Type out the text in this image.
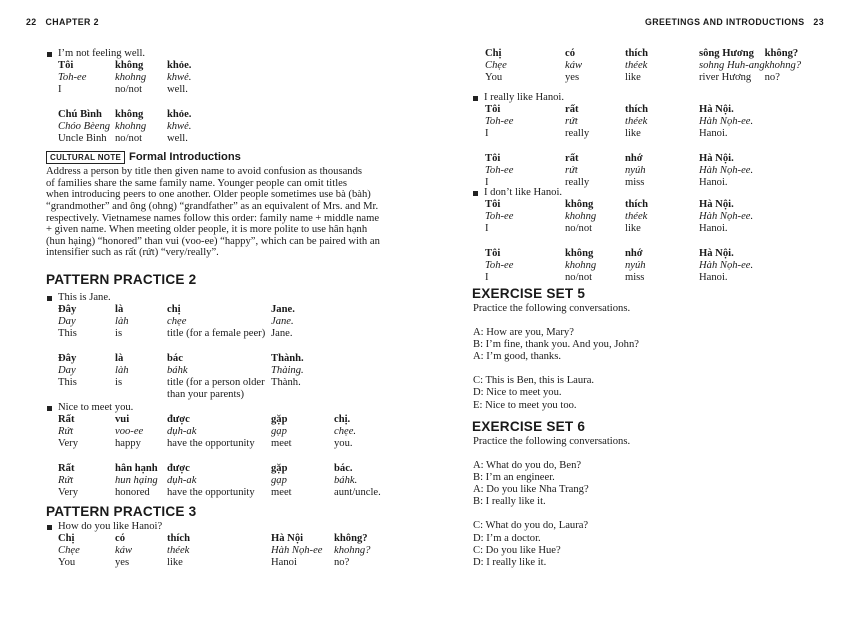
22 CHAPTER 2
I’m not feeling well.
Tôi	không	khỏe.
Toh-ee	khohng	khwẻ.
I	no/not	well.

Chú Bình	không	khỏe.
Chóo Bèeng	khohng	khwẻ.
Uncle Binh	no/not	well.
CULTURAL NOTE Formal Introductions

Address a person by title then given name to avoid confusion as thousands

of families share the same family name. Younger people can omit titles

when introducing peers to one another. Older people sometimes use bà (bàh)

“grandmother” and ông (ohng) “grandfather” as an equivalent of Mrs. and Mr.

respectively. Vietnamese names follow this order: family name + middle name

+ given name. When meeting older people, it is more polite to use hân hạnh

(hun hạing) “honored” than vui (voo-ee) “happy”, which can be paired with an

intensifier such as rất (rứt) “very/really”.

PATTERN PRACTICE 2
This is Jane.
Đây	là	chị	Jane.
Day	làh	chẹe	Jane.
This	is	title (for a female peer)	Jane.

Đây	là	bác	Thành.
Day	làh	báhk	Thàing.
This	is	title (for a person older	Thành.
		than your parents)	
Nice to meet you.
Rất	vui	được	gặp	chị.
Rứt	voo-ee	dụh-ak	gạp	chẹe.
Very	happy	have the opportunity	meet	you.

Rất	hân hạnh	được	gặp	bác.
Rứt	hun hạing	dụh-ak	gạp	báhk.
Very	honored	have the opportunity	meet	aunt/uncle.
PATTERN PRACTICE 3
How do you like Hanoi?
Chị	có	thích	Hà Nội	không?
Chẹe	káw	théek	Hàh Nọh-ee	khohng?
You	yes	like	Hanoi	no?
GREETINGS AND INTRODUCTIONS 23
Chị	có	thích	sông Hương	không?
Chẹe	káw	théek	sohng Huh-ang	khohng?
You	yes	like	river Hương	no?
I really like Hanoi.
Tôi	rất	thích	Hà Nội.
Toh-ee	rứt	théek	Hàh Nọh-ee.
I	really	like	Hanoi.

Tôi	rất	nhớ	Hà Nội.
Toh-ee	rứt	nyúh	Hàh Nọh-ee.
I	really	miss	Hanoi.
I don’t like Hanoi.
Tôi	không	thích	Hà Nội.
Toh-ee	khohng	théek	Hàh Nọh-ee.
I	no/not	like	Hanoi.

Tôi	không	nhớ	Hà Nội.
Toh-ee	khohng	nyúh	Hàh Nọh-ee.
I	no/not	miss	Hanoi.
EXERCISE SET 5
Practice the following conversations.
A: How are you, Mary?
B: I’m fine, thank you. And you, John?
A: I’m good, thanks.
C: This is Ben, this is Laura.
D: Nice to meet you.
E: Nice to meet you too.
EXERCISE SET 6
Practice the following conversations.
A: What do you do, Ben?
B: I’m an engineer.
A: Do you like Nha Trang?
B: I really like it.
C: What do you do, Laura?
D: I’m a doctor.
C: Do you like Hue?
D: I really like it.
